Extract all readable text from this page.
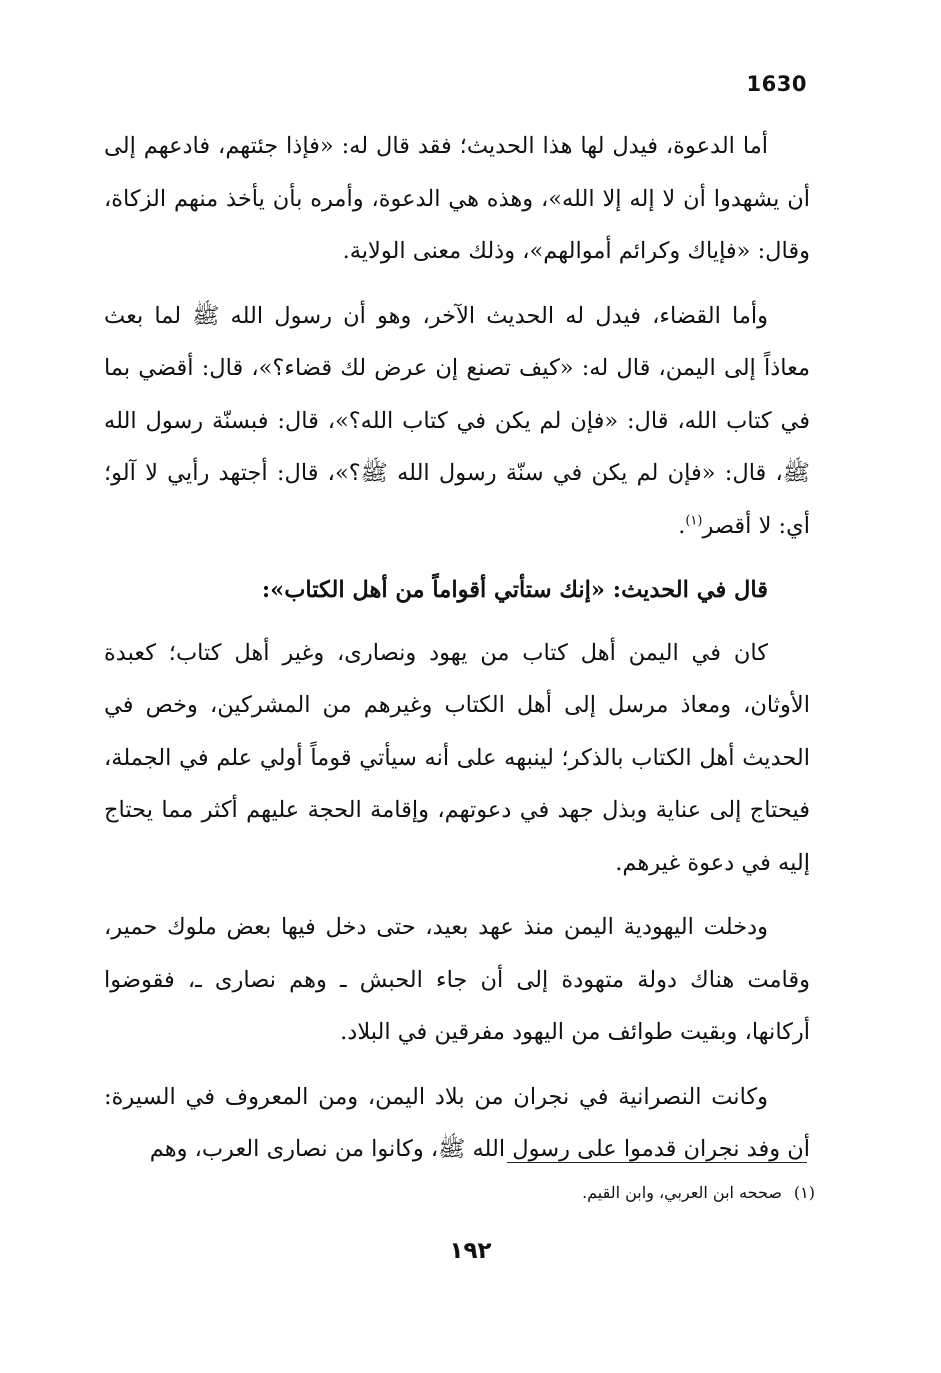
1630

أما الدعوة، فيدل لها هذا الحديث؛ فقد قال له: «فإذا جئتهم، فادعهم إلى أن يشهدوا أن لا إله إلا الله»، وهذه هي الدعوة، وأمره بأن يأخذ منهم الزكاة، وقال: «فإياك وكرائم أموالهم»، وذلك معنى الولاية.

وأما القضاء، فيدل له الحديث الآخر، وهو أن رسول الله ﷺ لما بعث معاذاً إلى اليمن، قال له: «كيف تصنع إن عرض لك قضاء؟»، قال: أقضي بما في كتاب الله، قال: «فإن لم يكن في كتاب الله؟»، قال: فبسنّة رسول الله ﷺ، قال: «فإن لم يكن في سنّة رسول الله ﷺ؟»، قال: أجتهد رأيي لا آلو؛ أي: لا أقصر$^{(١)}$.

قال في الحديث: «إنك ستأتي أقواماً من أهل الكتاب»:

كان في اليمن أهل كتاب من يهود ونصارى، وغير أهل كتاب؛ كعبدة الأوثان، ومعاذ مرسل إلى أهل الكتاب وغيرهم من المشركين، وخص في الحديث أهل الكتاب بالذكر؛ لينبهه على أنه سيأتي قوماً أولي علم في الجملة، فيحتاج إلى عناية وبذل جهد في دعوتهم، وإقامة الحجة عليهم أكثر مما يحتاج إليه في دعوة غيرهم.

ودخلت اليهودية اليمن منذ عهد بعيد، حتى دخل فيها بعض ملوك حمير، وقامت هناك دولة متهودة إلى أن جاء الحبش ـ وهم نصارى ـ، فقوضوا أركانها، وبقيت طوائف من اليهود مفرقين في البلاد.

وكانت النصرانية في نجران من بلاد اليمن، ومن المعروف في السيرة: أن وفد نجران قدموا على رسول الله ﷺ، وكانوا من نصارى العرب، وهم

(١)صححه ابن العربي، وابن القيم.
١٩٢
